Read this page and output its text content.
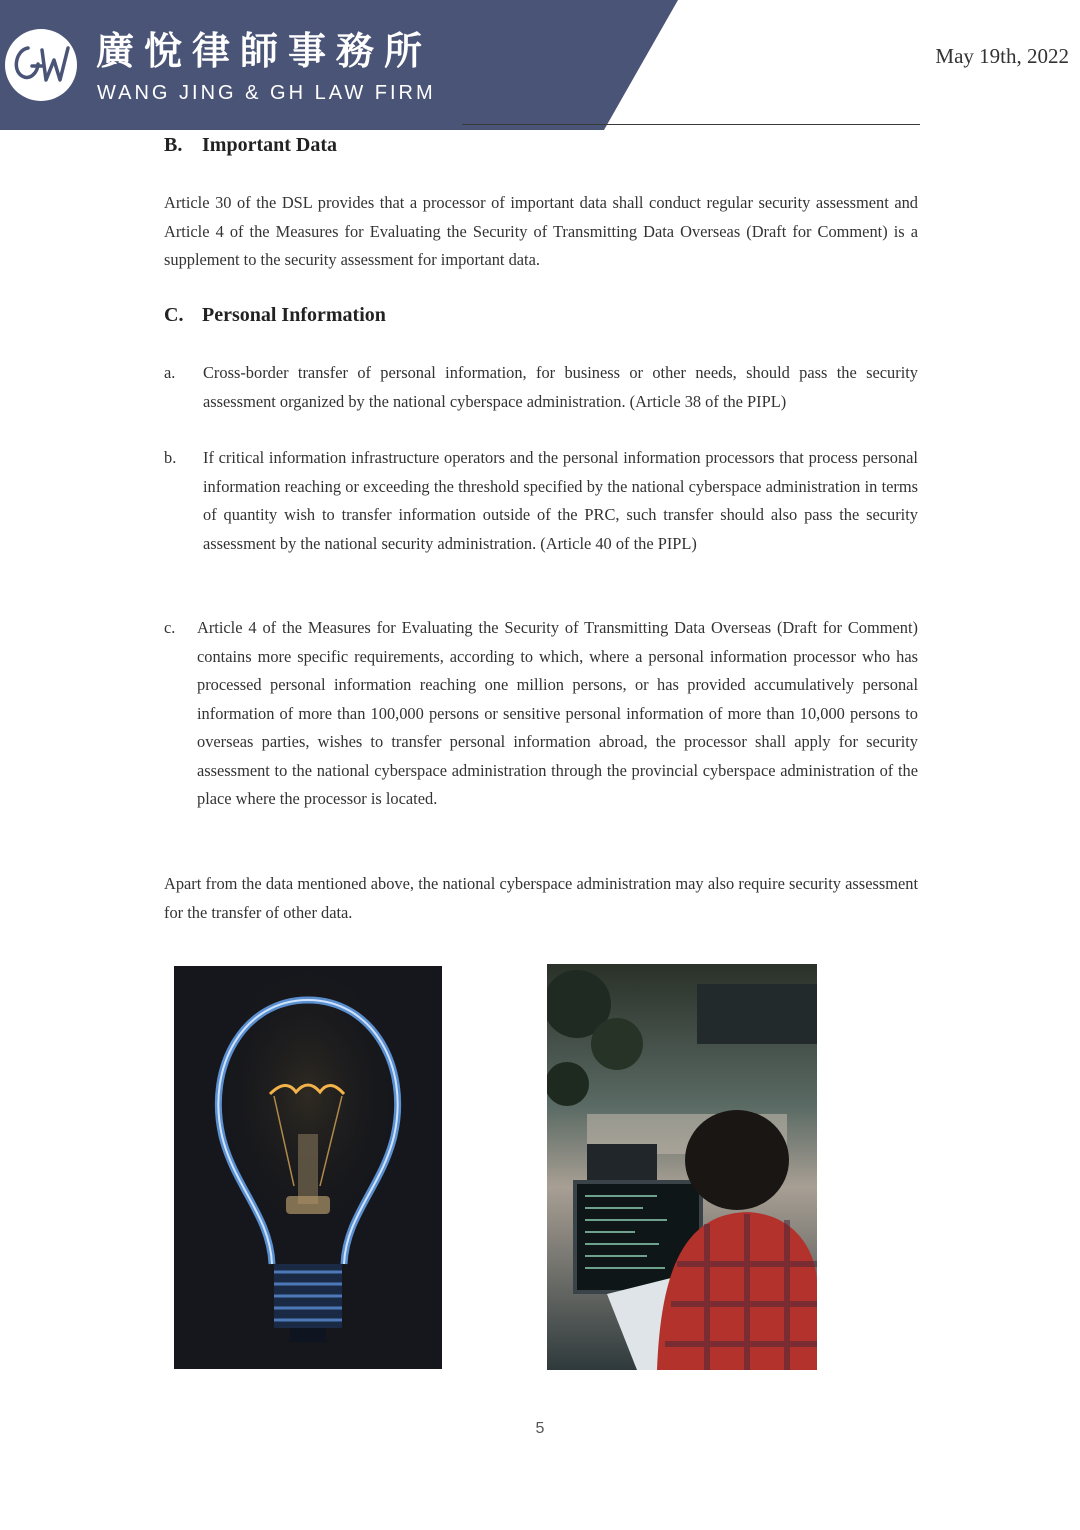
廣悅律師事務所
WANG JING & GH LAW FIRM
May 19th, 2022
B. Important Data

Article 30 of the DSL provides that a processor of important data shall conduct regular security assessment and Article 4 of the Measures for Evaluating the Security of Transmitting Data Overseas (Draft for Comment) is a supplement to the security assessment for important data.

C. Personal Information
a. Cross-border transfer of personal information, for business or other needs, should pass the security assessment organized by the national cyberspace administration. (Article 38 of the PIPL)

b. If critical information infrastructure operators and the personal information processors that process personal information reaching or exceeding the threshold specified by the national cyberspace administration in terms of quantity wish to transfer information outside of the PRC, such transfer should also pass the security assessment by the national security administration. (Article 40 of the PIPL)

c. Article 4 of the Measures for Evaluating the Security of Transmitting Data Overseas (Draft for Comment) contains more specific requirements, according to which, where a personal information processor who has processed personal information reaching one million persons, or has provided accumulatively personal information of more than 100,000 persons or sensitive personal information of more than 10,000 persons to overseas parties, wishes to transfer personal information abroad, the processor shall apply for security assessment to the national cyberspace administration through the provincial cyberspace administration of the place where the processor is located.

Apart from the data mentioned above, the national cyberspace administration may also require security assessment for the transfer of other data.

5
